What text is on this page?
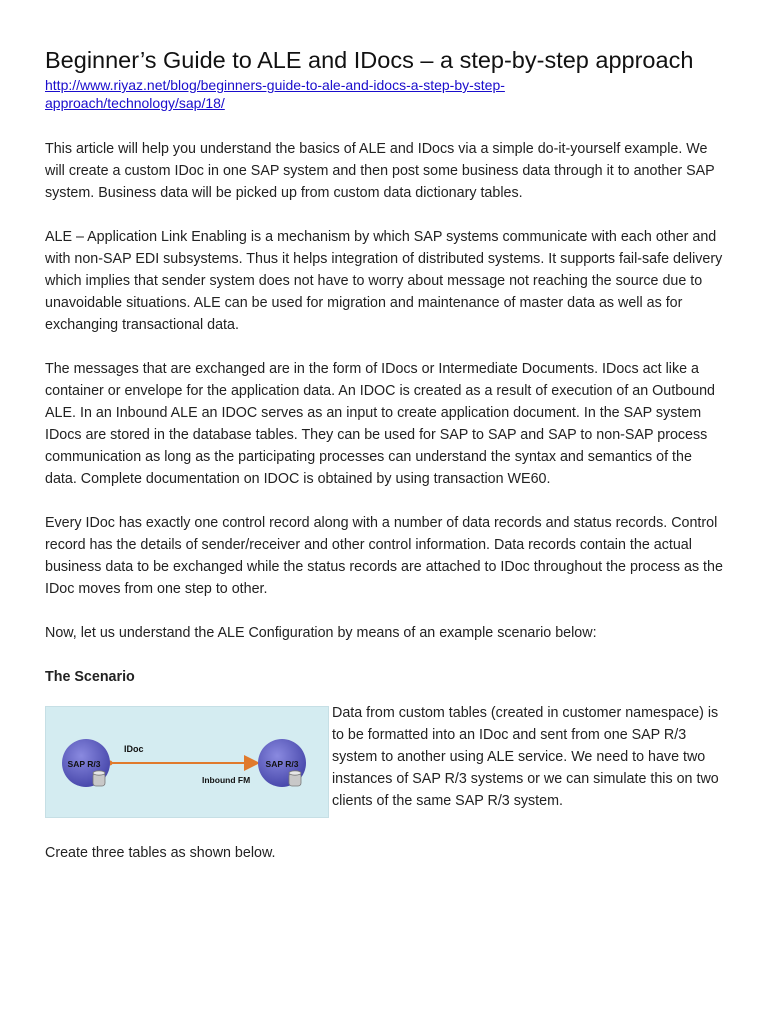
Beginner’s Guide to ALE and IDocs – a step-by-step approach
http://www.riyaz.net/blog/beginners-guide-to-ale-and-idocs-a-step-by-step-
approach/technology/sap/18/

This article will help you understand the basics of ALE and IDocs via a simple do-it-yourself example. We will create a custom IDoc in one SAP system and then post some business data through it to another SAP system. Business data will be picked up from custom data dictionary tables.

ALE – Application Link Enabling is a mechanism by which SAP systems communicate with each other and with non-SAP EDI subsystems. Thus it helps integration of distributed systems. It supports fail-safe delivery which implies that sender system does not have to worry about message not reaching the source due to unavoidable situations. ALE can be used for migration and maintenance of master data as well as for exchanging transactional data.

The messages that are exchanged are in the form of IDocs or Intermediate Documents. IDocs act like a container or envelope for the application data. An IDOC is created as a result of execution of an Outbound ALE. In an Inbound ALE an IDOC serves as an input to create application document. In the SAP system IDocs are stored in the database tables. They can be used for SAP to SAP and SAP to non-SAP process communication as long as the participating processes can understand the syntax and semantics of the data. Complete documentation on IDOC is obtained by using transaction WE60.

Every IDoc has exactly one control record along with a number of data records and status records. Control record has the details of sender/receiver and other control information. Data records contain the actual business data to be exchanged while the status records are attached to IDoc throughout the process as the IDoc moves from one step to other.

Now, let us understand the ALE Configuration by means of an example scenario below:

The Scenario
SAP R/3	SAP R/3
IDoc
Inbound FM

Data from custom tables (created in customer namespace) is to be formatted into an IDoc and sent from one SAP R/3 system to another using ALE service. We need to have two instances of SAP R/3 systems or we can simulate this on two clients of the same SAP R/3 system.

Create three tables as shown below.
